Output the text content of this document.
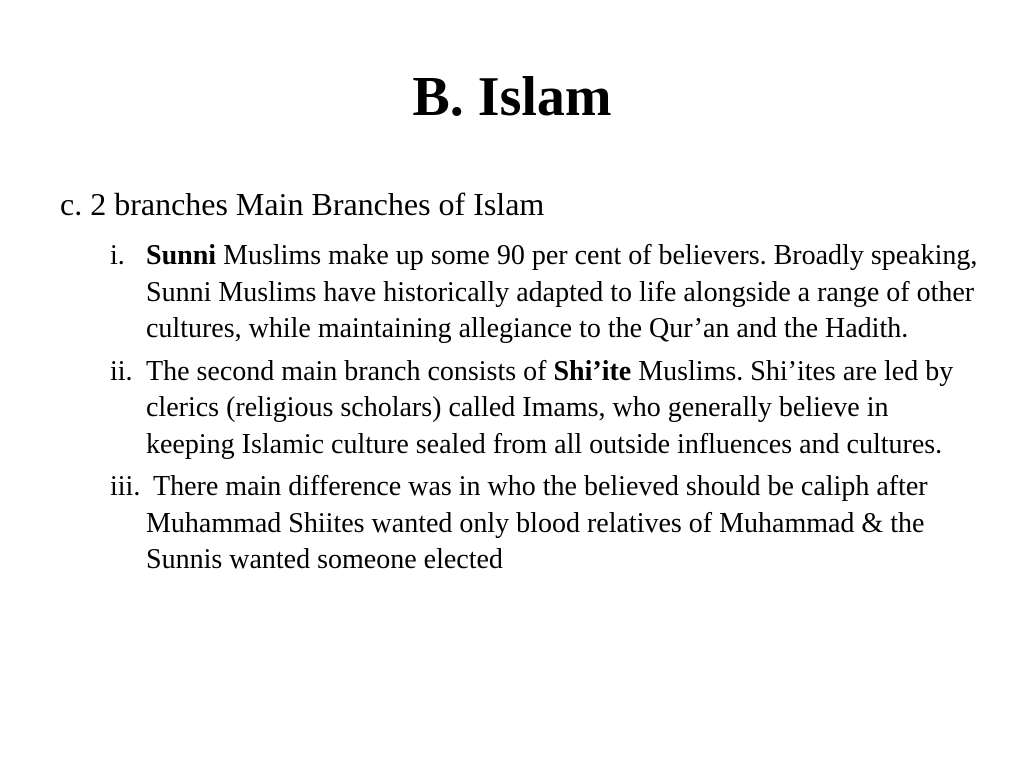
B. Islam

c. 2 branches Main Branches of Islam

i. Sunni Muslims make up some 90 per cent of believers. Broadly speaking, Sunni Muslims have historically adapted to life alongside a range of other cultures, while maintaining allegiance to the Qur’an and the Hadith.
ii. The second main branch consists of Shi’ite Muslims. Shi’ites are led by clerics (religious scholars) called Imams, who generally believe in keeping Islamic culture sealed from all outside influences and cultures.
iii. There main difference was in who the believed should be caliph after Muhammad Shiites wanted only blood relatives of Muhammad & the Sunnis wanted someone elected
